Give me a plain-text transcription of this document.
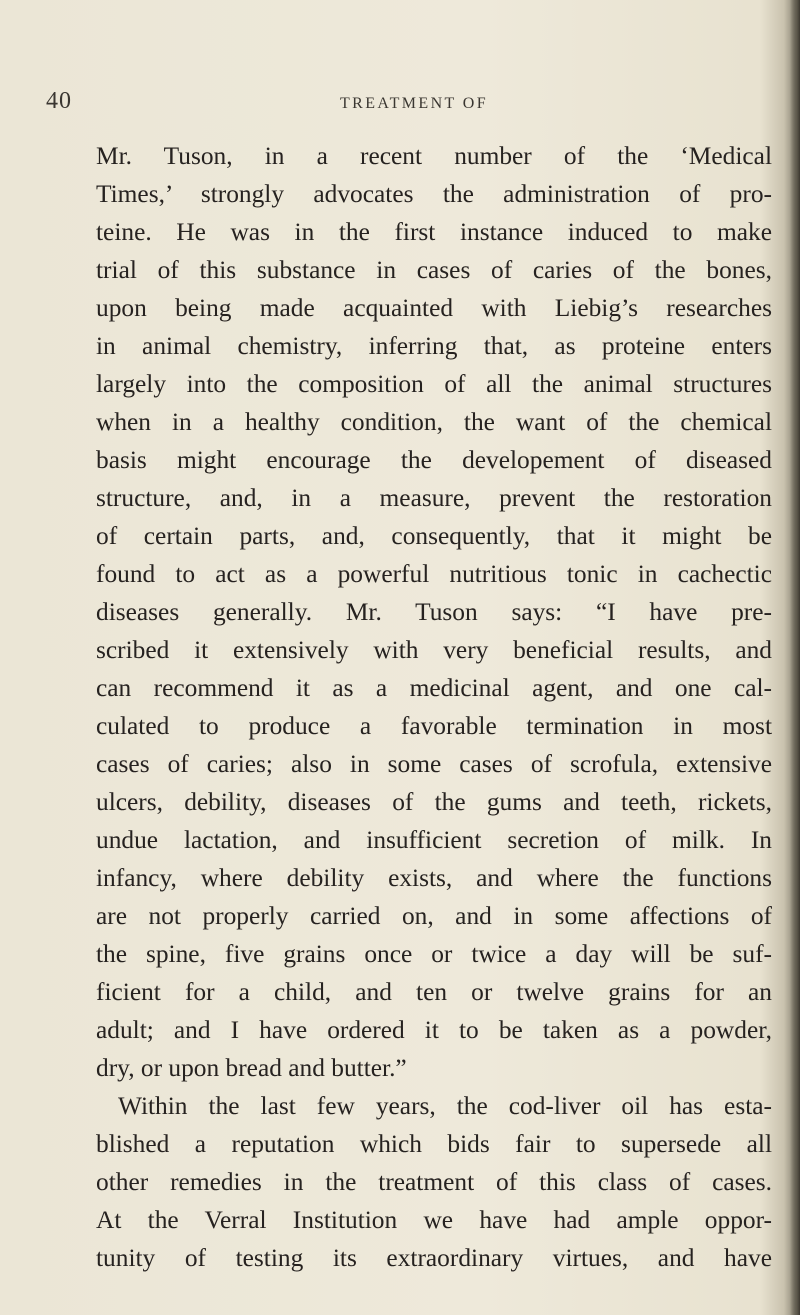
40	TREATMENT OF
Mr. Tuson, in a recent number of the ‘Medical
Times,’ strongly advocates the administration of pro-
teine. He was in the first instance induced to make
trial of this substance in cases of caries of the bones,
upon being made acquainted with Liebig’s researches
in animal chemistry, inferring that, as proteine enters
largely into the composition of all the animal structures
when in a healthy condition, the want of the chemical
basis might encourage the developement of diseased
structure, and, in a measure, prevent the restoration
of certain parts, and, consequently, that it might be
found to act as a powerful nutritious tonic in cachectic
diseases generally. Mr. Tuson says: “I have pre-
scribed it extensively with very beneficial results, and
can recommend it as a medicinal agent, and one cal-
culated to produce a favorable termination in most
cases of caries; also in some cases of scrofula, extensive
ulcers, debility, diseases of the gums and teeth, rickets,
undue lactation, and insufficient secretion of milk. In
infancy, where debility exists, and where the functions
are not properly carried on, and in some affections of
the spine, five grains once or twice a day will be suf-
ficient for a child, and ten or twelve grains for an
adult; and I have ordered it to be taken as a powder,
dry, or upon bread and butter.”
Within the last few years, the cod-liver oil has esta-
blished a reputation which bids fair to supersede all
other remedies in the treatment of this class of cases.
At the Verral Institution we have had ample oppor-
tunity of testing its extraordinary virtues, and have
